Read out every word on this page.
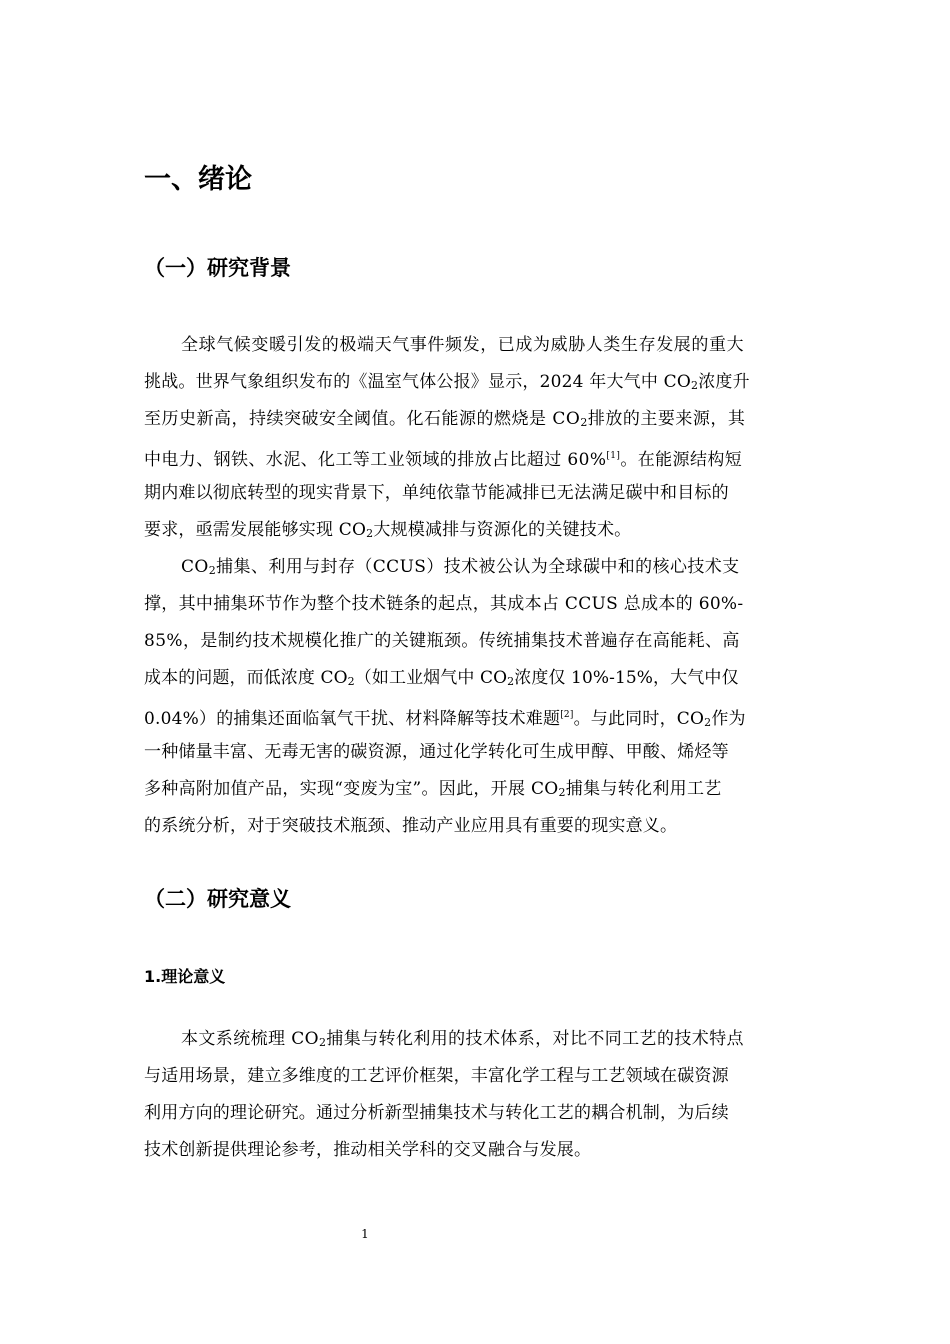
一、绪论
（一）研究背景
全球气候变暖引发的极端天气事件频发，已成为威胁人类生存发展的重大
挑战。世界气象组织发布的《温室气体公报》显示，2024 年大气中 CO2浓度升
至历史新高，持续突破安全阈值。化石能源的燃烧是 CO2排放的主要来源，其
中电力、钢铁、水泥、化工等工业领域的排放占比超过 60%[1]。在能源结构短
期内难以彻底转型的现实背景下，单纯依靠节能减排已无法满足碳中和目标的
要求，亟需发展能够实现 CO2大规模减排与资源化的关键技术。
CO2捕集、利用与封存（CCUS）技术被公认为全球碳中和的核心技术支
撑，其中捕集环节作为整个技术链条的起点，其成本占 CCUS 总成本的 60%-
85%，是制约技术规模化推广的关键瓶颈。传统捕集技术普遍存在高能耗、高
成本的问题，而低浓度 CO2（如工业烟气中 CO2浓度仅 10%-15%，大气中仅
0.04%）的捕集还面临氧气干扰、材料降解等技术难题[2]。与此同时，CO2作为
一种储量丰富、无毒无害的碳资源，通过化学转化可生成甲醇、甲酸、烯烃等
多种高附加值产品，实现“变废为宝”。因此，开展 CO2捕集与转化利用工艺
的系统分析，对于突破技术瓶颈、推动产业应用具有重要的现实意义。
（二）研究意义
1.理论意义
本文系统梳理 CO2捕集与转化利用的技术体系，对比不同工艺的技术特点
与适用场景，建立多维度的工艺评价框架，丰富化学工程与工艺领域在碳资源
利用方向的理论研究。通过分析新型捕集技术与转化工艺的耦合机制，为后续
技术创新提供理论参考，推动相关学科的交叉融合与发展。
1
